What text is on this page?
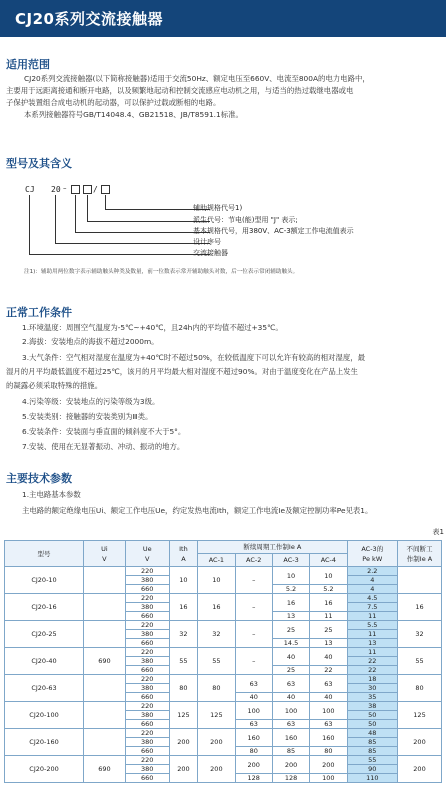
CJ20系列交流接触器
适用范围
CJ20系列交流接触器(以下简称接触器)适用于交流50Hz、额定电压至660V、电流至800A的电力电路中，
主要用于远距离接通和断开电路，以及频繁地起动和控制交流感应电动机之用，与适当的热过载继电器或电
子保护装置组合成电动机的起动器，可以保护过载或断相的电路。
本系列接触器符号GB/T14048.4、GB21518、JB/T8591.1标准。
型号及其含义
CJ 20 –	/
辅助规格代号1)
派生代号：节电(能)型用 "J" 表示;
基本规格代号，用380V、AC-3额定工作电流值表示
设计序号
交流接触器
注1)：辅助用两位数字表示辅助触头种类及数量，前一位数表示常开辅助触头对数，后一位表示常闭辅助触头。
正常工作条件
1.环境温度：周围空气温度为-5℃~+40℃，且24h内的平均值不超过+35℃。
2.海拔：安装地点的海拔不超过2000m。
3.大气条件：空气相对湿度在温度为+40℃时不超过50%，在较低温度下可以允许有较高的相对湿度，最
湿月的月平均最低温度不超过25℃，该月的月平均最大相对湿度不超过90%。对由于温度变化在产品上发生
的凝露必须采取特殊的措施。
4.污染等级：安装地点的污染等级为3级。
5.安装类别：接触器的安装类别为Ⅲ类。
6.安装条件：安装面与垂直面的倾斜度不大于5°。
7.安装、使用在无显著振动、冲动、振动的地方。
主要技术参数
1.主电路基本参数
主电路的额定绝缘电压Ui、额定工作电压Ue，约定发热电流Ith，额定工作电流Ie及额定控制功率Pe见表1。
表1
型号	Ui
V	Ue
V	Ith
A	断续周期工作制Ie A				AC-3的
Pe kW	不间断工
作制Ie A
				AC-1	AC-2	AC-3	AC-4		
CJ20-10		220	10	10	–	10	10	2.2	
		380						4	
		660				5.2	5.2	4	
CJ20-16		220	16	16	–	16	16	4.5	16
		380						7.5	
		660				13	11	11	
CJ20-25		220	32	32	–	25	25	5.5	32
		380						11	
		660				14.5	13	13	
CJ20-40	690	220	55	55	–	40	40	11	55
		380						22	
		660				25	22	22	
CJ20-63		220	80	80	63	63	63	18	80
		380						30	
		660			40	40	40	35	
CJ20-100		220	125	125	100	100	100	38	125
		380						50	
		660			63	63	63	50	
CJ20-160		220	200	200	160	160	160	48	200
		380						85	
		660			80	85	80	85	
CJ20-200	690	220	200	200	200	200	200	55	200
		380						90	
		660			128	128	100	110	
